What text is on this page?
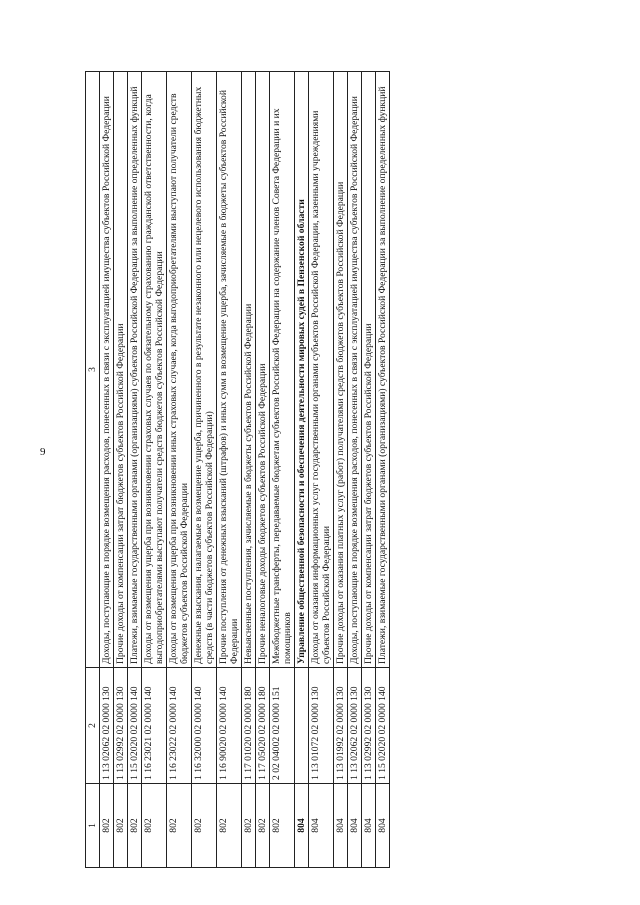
9
1	2	3
802	1 13 02062 02 0000 130	Доходы, поступающие в порядке возмещения расходов, понесенных в связи с эксплуатацией имущества субъектов Российской Федерации
802	1 13 02992 02 0000 130	Прочие доходы от компенсации затрат бюджетов субъектов Российской Федерации
802	1 15 02020 02 0000 140	Платежи, взимаемые государственными органами (организациями) субъектов Российской Федерации за выполнение определенных функций
802	1 16 23021 02 0000 140	Доходы от возмещения ущерба при возникновении страховых случаев по обязательному страхованию гражданской ответственности, когда выгодоприобретателями выступают получатели средств бюджетов субъектов Российской Федерации
802	1 16 23022 02 0000 140	Доходы от возмещения ущерба при возникновении иных страховых случаев, когда выгодоприобретателями выступают получатели средств бюджетов субъектов Российской Федерации
802	1 16 32000 02 0000 140	Денежные взыскания, налагаемые в возмещение ущерба, причиненного в результате незаконного или нецелевого использования бюджетных средств (в части бюджетов субъектов Российской Федерации)
802	1 16 90020 02 0000 140	Прочие поступления от денежных взысканий (штрафов) и иных сумм в возмещение ущерба, зачисляемые в бюджеты субъектов Российской Федерации
802	1 17 01020 02 0000 180	Невыясненные поступления, зачисляемые в бюджеты субъектов Российской Федерации
802	1 17 05020 02 0000 180	Прочие неналоговые доходы бюджетов субъектов Российской Федерации
802	2 02 04002 02 0000 151	Межбюджетные трансферты, передаваемые бюджетам субъектов Российской Федерации на содержание членов Совета Федерации и их помощников
804		Управление общественной безопасности и обеспечения деятельности мировых судей в Пензенской области
804	1 13 01072 02 0000 130	Доходы от оказания информационных услуг государственными органами субъектов Российской Федерации, казенными учреждениями субъектов Российской Федерации
804	1 13 01992 02 0000 130	Прочие доходы от оказания платных услуг (работ) получателями средств бюджетов субъектов Российской Федерации
804	1 13 02062 02 0000 130	Доходы, поступающие в порядке возмещения расходов, понесенных в связи с эксплуатацией имущества субъектов Российской Федерации
804	1 13 02992 02 0000 130	Прочие доходы от компенсации затрат бюджетов субъектов Российской Федерации
804	1 15 02020 02 0000 140	Платежи, взимаемые государственными органами (организациями) субъектов Российской Федерации за выполнение определенных функций
